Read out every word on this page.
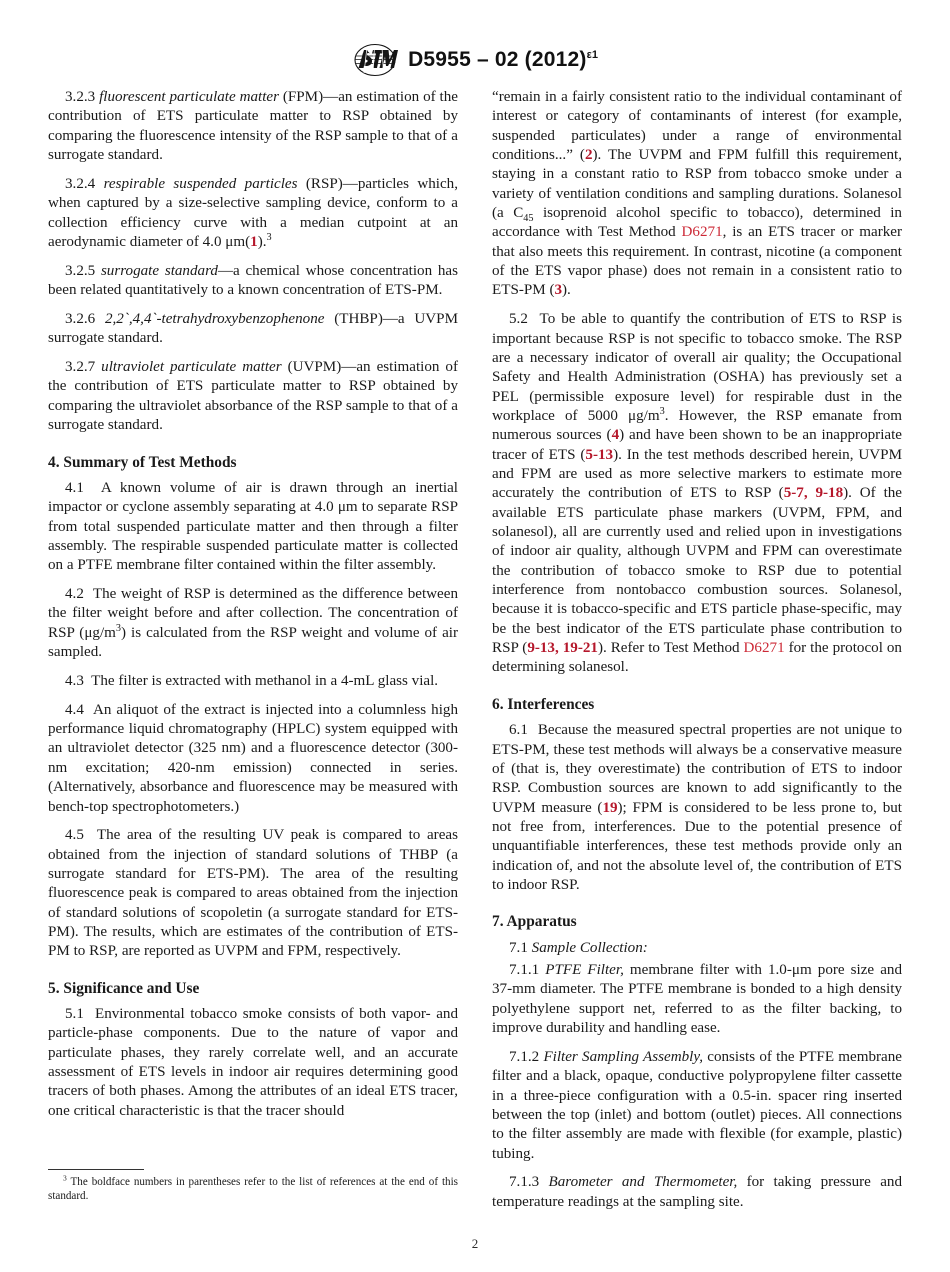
D5955 – 02 $(2012)^{\varepsilon 1}$

3.2.3 fluorescent particulate matter (FPM)—an estimation of the contribution of ETS particulate matter to RSP obtained by comparing the fluorescence intensity of the RSP sample to that of a surrogate standard.

3.2.4 respirable suspended particles (RSP)—particles which, when captured by a size-selective sampling device, conform to a collection efficiency curve with a median cutpoint at an aerodynamic diameter of 4.0 μm(1).$^3$

3.2.5 surrogate standard—a chemical whose concentration has been related quantitatively to a known concentration of ETS-PM.

3.2.6 2,2`,4,4`-tetrahydroxybenzophenone (THBP)—a UVPM surrogate standard.

3.2.7 ultraviolet particulate matter (UVPM)—an estimation of the contribution of ETS particulate matter to RSP obtained by comparing the ultraviolet absorbance of the RSP sample to that of a surrogate standard.

4. Summary of Test Methods

4.1 A known volume of air is drawn through an inertial impactor or cyclone assembly separating at 4.0 μm to separate RSP from total suspended particulate matter and then through a filter assembly. The respirable suspended particulate matter is collected on a PTFE membrane filter contained within the filter assembly.

4.2 The weight of RSP is determined as the difference between the filter weight before and after collection. The concentration of RSP $(\mu g/m^3)$ is calculated from the RSP weight and volume of air sampled.

4.3 The filter is extracted with methanol in a 4-mL glass vial.

4.4 An aliquot of the extract is injected into a columnless high performance liquid chromatography (HPLC) system equipped with an ultraviolet detector (325 nm) and a fluorescence detector (300-nm excitation; 420-nm emission) connected in series. (Alternatively, absorbance and fluorescence may be measured with bench-top spectrophotometers.)

4.5 The area of the resulting UV peak is compared to areas obtained from the injection of standard solutions of THBP (a surrogate standard for ETS-PM). The area of the resulting fluorescence peak is compared to areas obtained from the injection of standard solutions of scopoletin (a surrogate standard for ETS-PM). The results, which are estimates of the contribution of ETS-PM to RSP, are reported as UVPM and FPM, respectively.

5. Significance and Use

5.1 Environmental tobacco smoke consists of both vapor- and particle-phase components. Due to the nature of vapor and particulate phases, they rarely correlate well, and an accurate assessment of ETS levels in indoor air requires determining good tracers of both phases. Among the attributes of an ideal ETS tracer, one critical characteristic is that the tracer should

$^3$ The boldface numbers in parentheses refer to the list of references at the end of this standard.

“remain in a fairly consistent ratio to the individual contaminant of interest or category of contaminants of interest (for example, suspended particulates) under a range of environmental conditions...” (2). The UVPM and FPM fulfill this requirement, staying in a constant ratio to RSP from tobacco smoke under a variety of ventilation conditions and sampling durations. Solanesol (a $C_{45}$ isoprenoid alcohol specific to tobacco), determined in accordance with Test Method D6271, is an ETS tracer or marker that also meets this requirement. In contrast, nicotine (a component of the ETS vapor phase) does not remain in a consistent ratio to ETS-PM (3).

5.2 To be able to quantify the contribution of ETS to RSP is important because RSP is not specific to tobacco smoke. The RSP are a necessary indicator of overall air quality; the Occupational Safety and Health Administration (OSHA) has previously set a PEL (permissible exposure level) for respirable dust in the workplace of 5000 $\mu g/m^3$. However, the RSP emanate from numerous sources (4) and have been shown to be an inappropriate tracer of ETS (5-13). In the test methods described herein, UVPM and FPM are used as more selective markers to estimate more accurately the contribution of ETS to RSP (5-7, 9-18). Of the available ETS particulate phase markers (UVPM, FPM, and solanesol), all are currently used and relied upon in investigations of indoor air quality, although UVPM and FPM can overestimate the contribution of tobacco smoke to RSP due to potential interference from nontobacco combustion sources. Solanesol, because it is tobacco-specific and ETS particle phase-specific, may be the best indicator of the ETS particulate phase contribution to RSP (9-13, 19-21). Refer to Test Method D6271 for the protocol on determining solanesol.

6. Interferences

6.1 Because the measured spectral properties are not unique to ETS-PM, these test methods will always be a conservative measure of (that is, they overestimate) the contribution of ETS to indoor RSP. Combustion sources are known to add significantly to the UVPM measure (19); FPM is considered to be less prone to, but not free from, interferences. Due to the potential presence of unquantifiable interferences, these test methods provide only an indication of, and not the absolute level of, the contribution of ETS to indoor RSP.

7. Apparatus

7.1 Sample Collection:

7.1.1 PTFE Filter, membrane filter with 1.0-μm pore size and 37-mm diameter. The PTFE membrane is bonded to a high density polyethylene support net, referred to as the filter backing, to improve durability and handling ease.

7.1.2 Filter Sampling Assembly, consists of the PTFE membrane filter and a black, opaque, conductive polypropylene filter cassette in a three-piece configuration with a 0.5-in. spacer ring inserted between the top (inlet) and bottom (outlet) pieces. All connections to the filter assembly are made with flexible (for example, plastic) tubing.

7.1.3 Barometer and Thermometer, for taking pressure and temperature readings at the sampling site.

2
